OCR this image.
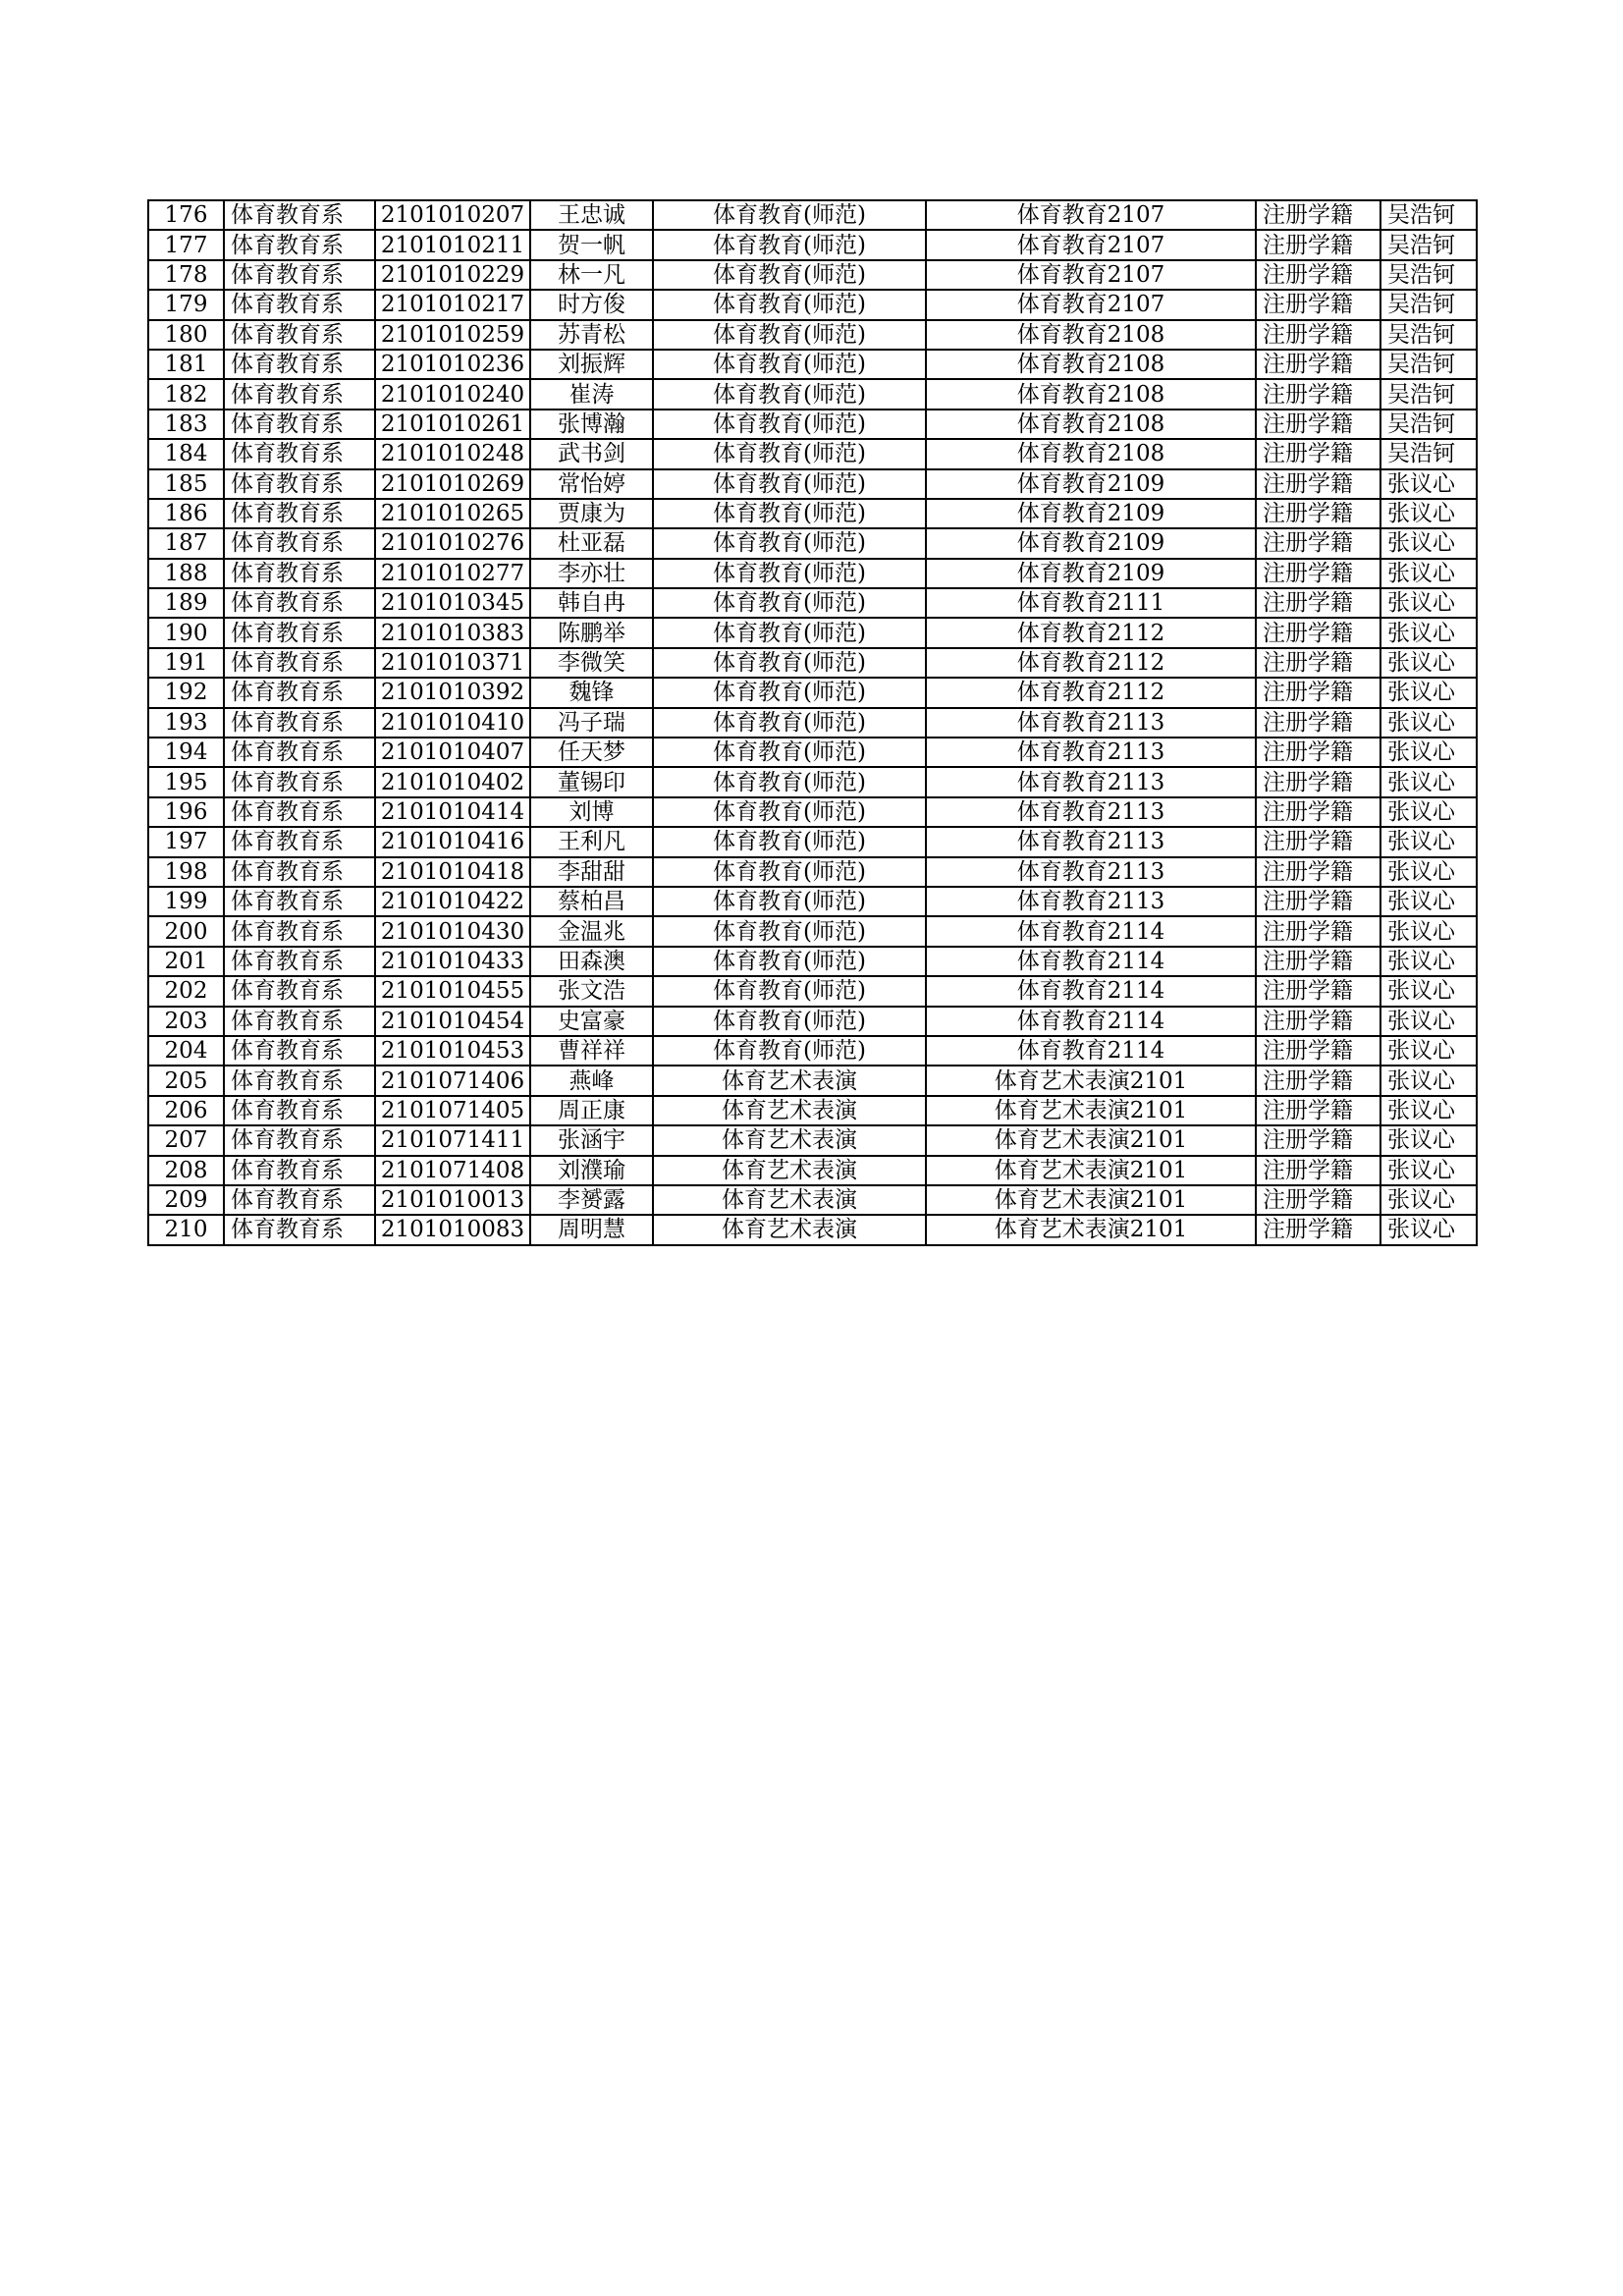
176	体育教育系	2101010207	王忠诚	体育教育(师范)	体育教育2107	注册学籍	吴浩钶
177	体育教育系	2101010211	贺一帆	体育教育(师范)	体育教育2107	注册学籍	吴浩钶
178	体育教育系	2101010229	林一凡	体育教育(师范)	体育教育2107	注册学籍	吴浩钶
179	体育教育系	2101010217	时方俊	体育教育(师范)	体育教育2107	注册学籍	吴浩钶
180	体育教育系	2101010259	苏青松	体育教育(师范)	体育教育2108	注册学籍	吴浩钶
181	体育教育系	2101010236	刘振辉	体育教育(师范)	体育教育2108	注册学籍	吴浩钶
182	体育教育系	2101010240	崔涛	体育教育(师范)	体育教育2108	注册学籍	吴浩钶
183	体育教育系	2101010261	张博瀚	体育教育(师范)	体育教育2108	注册学籍	吴浩钶
184	体育教育系	2101010248	武书剑	体育教育(师范)	体育教育2108	注册学籍	吴浩钶
185	体育教育系	2101010269	常怡婷	体育教育(师范)	体育教育2109	注册学籍	张议心
186	体育教育系	2101010265	贾康为	体育教育(师范)	体育教育2109	注册学籍	张议心
187	体育教育系	2101010276	杜亚磊	体育教育(师范)	体育教育2109	注册学籍	张议心
188	体育教育系	2101010277	李亦壮	体育教育(师范)	体育教育2109	注册学籍	张议心
189	体育教育系	2101010345	韩自冉	体育教育(师范)	体育教育2111	注册学籍	张议心
190	体育教育系	2101010383	陈鹏举	体育教育(师范)	体育教育2112	注册学籍	张议心
191	体育教育系	2101010371	李微笑	体育教育(师范)	体育教育2112	注册学籍	张议心
192	体育教育系	2101010392	魏锋	体育教育(师范)	体育教育2112	注册学籍	张议心
193	体育教育系	2101010410	冯子瑞	体育教育(师范)	体育教育2113	注册学籍	张议心
194	体育教育系	2101010407	任天梦	体育教育(师范)	体育教育2113	注册学籍	张议心
195	体育教育系	2101010402	董锡印	体育教育(师范)	体育教育2113	注册学籍	张议心
196	体育教育系	2101010414	刘博	体育教育(师范)	体育教育2113	注册学籍	张议心
197	体育教育系	2101010416	王利凡	体育教育(师范)	体育教育2113	注册学籍	张议心
198	体育教育系	2101010418	李甜甜	体育教育(师范)	体育教育2113	注册学籍	张议心
199	体育教育系	2101010422	蔡柏昌	体育教育(师范)	体育教育2113	注册学籍	张议心
200	体育教育系	2101010430	金温兆	体育教育(师范)	体育教育2114	注册学籍	张议心
201	体育教育系	2101010433	田森澳	体育教育(师范)	体育教育2114	注册学籍	张议心
202	体育教育系	2101010455	张文浩	体育教育(师范)	体育教育2114	注册学籍	张议心
203	体育教育系	2101010454	史富豪	体育教育(师范)	体育教育2114	注册学籍	张议心
204	体育教育系	2101010453	曹祥祥	体育教育(师范)	体育教育2114	注册学籍	张议心
205	体育教育系	2101071406	燕峰	体育艺术表演	体育艺术表演2101	注册学籍	张议心
206	体育教育系	2101071405	周正康	体育艺术表演	体育艺术表演2101	注册学籍	张议心
207	体育教育系	2101071411	张涵宇	体育艺术表演	体育艺术表演2101	注册学籍	张议心
208	体育教育系	2101071408	刘濮瑜	体育艺术表演	体育艺术表演2101	注册学籍	张议心
209	体育教育系	2101010013	李赟露	体育艺术表演	体育艺术表演2101	注册学籍	张议心
210	体育教育系	2101010083	周明慧	体育艺术表演	体育艺术表演2101	注册学籍	张议心
